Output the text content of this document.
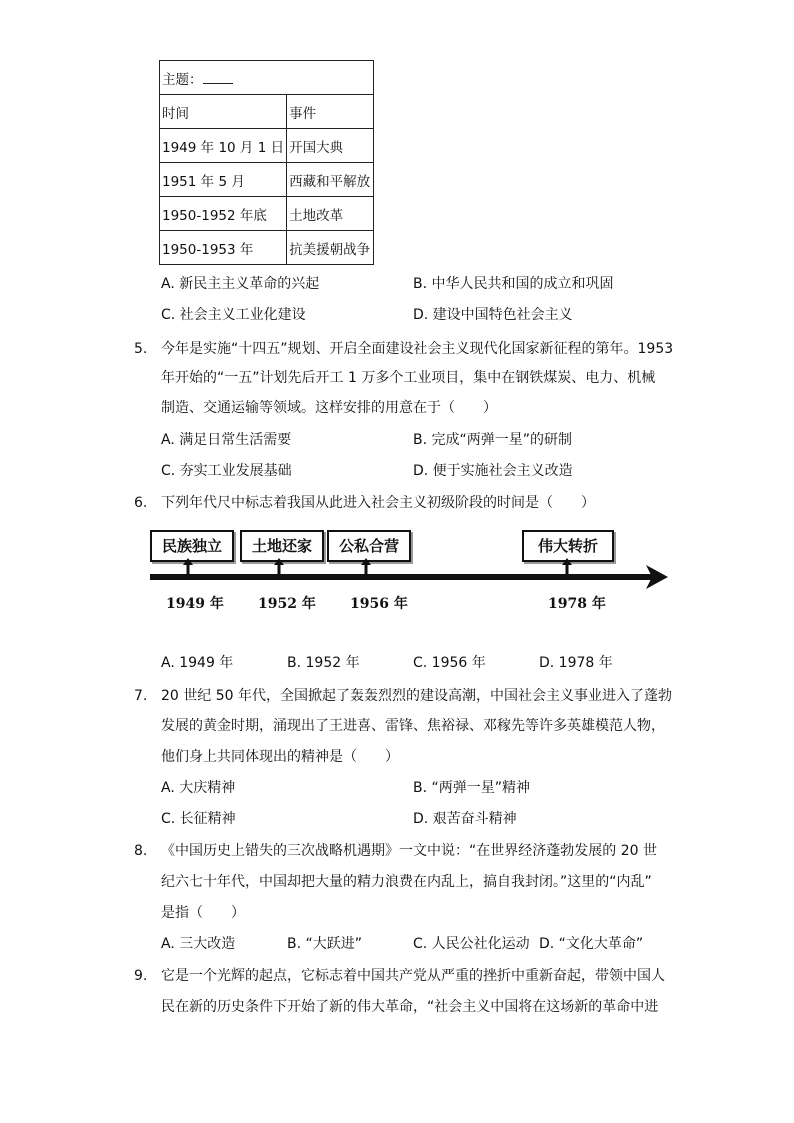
主题：	
时间	事件
1949 年 10 月 1 日	开国大典
1951 年 5 月	西藏和平解放
1950-1952 年底	土地改革
1950-1953 年	抗美援朝战争
A. 新民主主义革命的兴起	B. 中华人民共和国的成立和巩固
C. 社会主义工业化建设	D. 建设中国特色社会主义
5. 今年是实施“十四五”规划、开启全面建设社会主义现代化国家新征程的第年。1953
年开始的“一五”计划先后开工 1 万多个工业项目，集中在钢铁煤炭、电力、机械
制造、交通运输等领域。这样安排的用意在于（　　）
A. 满足日常生活需要	B. 完成“两弹一星”的研制
C. 夯实工业发展基础	D. 便于实施社会主义改造
6. 下列年代尺中标志着我国从此进入社会主义初级阶段的时间是（　　）
民族独立	土地还家	公私合营	伟大转折
1949 年 1952 年 1956 年	1978 年
A. 1949 年	B. 1952 年	C. 1956 年	D. 1978 年
7. 20 世纪 50 年代，全国掀起了轰轰烈烈的建设高潮，中国社会主义事业进入了蓬勃
发展的黄金时期，涌现出了王进喜、雷锋、焦裕禄、邓稼先等许多英雄模范人物，
他们身上共同体现出的精神是（　　）
A. 大庆精神	B. “两弹一星”精神
C. 长征精神	D. 艰苦奋斗精神
8. 《中国历史上错失的三次战略机遇期》一文中说：“在世界经济蓬勃发展的 20 世
纪六七十年代，中国却把大量的精力浪费在内乱上，搞自我封闭。”这里的“内乱”
是指（　　）
A. 三大改造	B. “大跃进”	C. 人民公社化运动 D. “文化大革命”
9. 它是一个光辉的起点，它标志着中国共产党从严重的挫折中重新奋起，带领中国人
民在新的历史条件下开始了新的伟大革命，“社会主义中国将在这场新的革命中进
